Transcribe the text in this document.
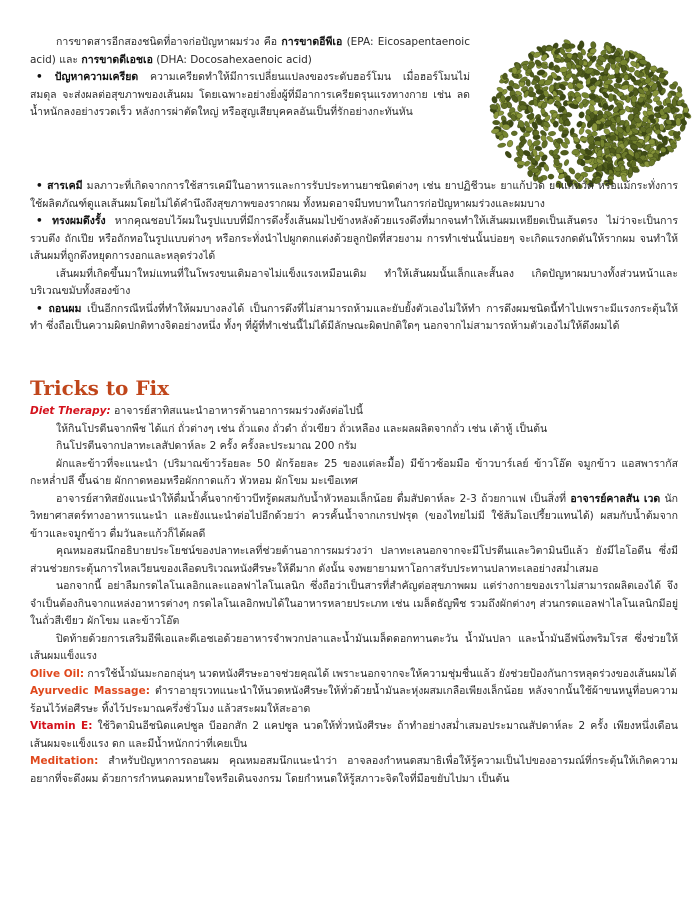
การขาดสารอีกสองชนิดที่อาจก่อปัญหาผมร่วง คือ การขาดอีพีเอ (EPA: Eicosapentaenoic acid) และ การขาดดีเอชเอ (DHA: Docosahexaenoic acid)

• ปัญหาความเครียด ความเครียดทำให้มีการเปลี่ยนแปลงของระดับฮอร์โมน เมื่อฮอร์โมนไม่สมดุล จะส่งผลต่อสุขภาพของเส้นผม โดยเฉพาะอย่างยิ่งผู้ที่มีอาการเครียดรุนแรงทางกาย เช่น ลดน้ำหนักลงอย่างรวดเร็ว หลังการผ่าตัดใหญ่ หรือสูญเสียบุคคลอันเป็นที่รักอย่างกะทันหัน

• สารเคมี มลภาวะที่เกิดจากการใช้สารเคมีในอาหารและการรับประทานยาชนิดต่างๆ เช่น ยาปฏิชีวนะ ยาแก้ปวด ยาแก้หวัด หรือแม้กระทั่งการใช้ผลิตภัณฑ์ดูแลเส้นผมโดยไม่ได้คำนึงถึงสุขภาพของรากผม ทั้งหมดอาจมีบทบาทในการก่อปัญหาผมร่วงและผมบาง

• ทรงผมดึงรั้ง หากคุณชอบไว้ผมในรูปแบบที่มีการดึงรั้งเส้นผมไปข้างหลังด้วยแรงดึงที่มากจนทำให้เส้นผมเหยียดเป็นเส้นตรง ไม่ว่าจะเป็นการรวบตึง ถักเปีย หรือถักทอในรูปแบบต่างๆ หรือกระทั่งนำไปผูกตกแต่งด้วยลูกปัดที่สวยงาม การทำเช่นนั้นบ่อยๆ จะเกิดแรงกดดันให้รากผม จนทำให้เส้นผมที่ถูกดึงหยุดการงอกและหลุดร่วงได้

เส้นผมที่เกิดขึ้นมาใหม่แทนที่ในโพรงขนเดิมอาจไม่แข็งแรงเหมือนเดิม ทำให้เส้นผมนั้นเล็กและสั้นลง เกิดปัญหาผมบางทั้งส่วนหน้าและบริเวณขมับทั้งสองข้าง

• ถอนผม เป็นอีกกรณีหนึ่งที่ทำให้ผมบางลงได้ เป็นการดึงที่ไม่สามารถห้ามและยับยั้งตัวเองไม่ให้ทำ การดึงผมชนิดนี้ทำไปเพราะมีแรงกระตุ้นให้ทำ ซึ่งถือเป็นความผิดปกติทางจิตอย่างหนึ่ง ทั้งๆ ที่ผู้ที่ทำเช่นนี้ไม่ได้มีลักษณะผิดปกติใดๆ นอกจากไม่สามารถห้ามตัวเองไม่ให้ดึงผมได้

Tricks to Fix

Diet Therapy: อาจารย์สาทิสแนะนำอาหารต้านอาการผมร่วงดังต่อไปนี้

ให้กินโปรตีนจากพืช ได้แก่ ถั่วต่างๆ เช่น ถั่วแดง ถั่วดำ ถั่วเขียว ถั่วเหลือง และผลผลิตจากถั่ว เช่น เต้าหู้ เป็นต้น

กินโปรตีนจากปลาทะเลสัปดาห์ละ 2 ครั้ง ครั้งละประมาณ 200 กรัม

ผักและข้าวที่จะแนะนำ (ปริมาณข้าวร้อยละ 50 ผักร้อยละ 25 ของแต่ละมื้อ) มีข้าวซ้อมมือ ข้าวบาร์เลย์ ข้าวโอ๊ต จมูกข้าว แอสพารากัส กะหล่ำปลี ขึ้นฉ่าย ผักกาดหอมหรือผักกาดแก้ว หัวหอม ผักโขม มะเขือเทศ

อาจารย์สาทิสยังแนะนำให้ดื่มน้ำคั้นจากข้าวบีทรู้ตผสมกับน้ำหัวหอมเล็กน้อย ดื่มสัปดาห์ละ 2-3 ถ้วยกาแฟ เป็นสิ่งที่ อาจารย์คาลสัน เวด นักวิทยาศาสตร์ทางอาหารแนะนำ และยังแนะนำต่อไปอีกด้วยว่า ควรคั้นน้ำจากเกรปฟรุต (ของไทยไม่มี ใช้ส้มโอเปรี้ยวแทนได้) ผสมกับน้ำต้มจากข้าวและจมูกข้าว ดื่มวันละแก้วก็ได้ผลดี

คุณหมอสมนึกอธิบายประโยชน์ของปลาทะเลที่ช่วยต้านอาการผมร่วงว่า ปลาทะเลนอกจากจะมีโปรตีนและวิตามินบีแล้ว ยังมีไอโอดีน ซึ่งมีส่วนช่วยกระตุ้นการไหลเวียนของเลือดบริเวณหนังศีรษะให้ดีมาก ดังนั้น จงพยายามหาโอกาสรับประทานปลาทะเลอย่างสม่ำเสมอ

นอกจากนี้ อย่าลืมกรดไลโนเลอิกและแอลฟาไลโนเลนิก ซึ่งถือว่าเป็นสารที่สำคัญต่อสุขภาพผม แต่ร่างกายของเราไม่สามารถผลิตเองได้ จึงจำเป็นต้องกินจากแหล่งอาหารต่างๆ กรดไลโนเลอิกพบได้ในอาหารหลายประเภท เช่น เมล็ดธัญพืช รวมถึงผักต่างๆ ส่วนกรดแอลฟาไลโนเลนิกมีอยู่ในถั่วสีเขียว ผักโขม และข้าวโอ๊ต

ปิดท้ายด้วยการเสริมอีพีเอและดีเอชเอด้วยอาหารจำพวกปลาและน้ำมันเมล็ดดอกทานตะวัน น้ำมันปลา และน้ำมันอีฟนิ่งพริมโรส ซึ่งช่วยให้เส้นผมแข็งแรง

Olive Oil: การใช้น้ำมันมะกอกอุ่นๆ นวดหนังศีรษะอาจช่วยคุณได้ เพราะนอกจากจะให้ความชุ่มชื่นแล้ว ยังช่วยป้องกันการหลุดร่วงของเส้นผมได้

Ayurvedic Massage: ตำราอายุรเวทแนะนำให้นวดหนังศีรษะให้ทั่วด้วยน้ำมันละหุ่งผสมเกลือเพียงเล็กน้อย หลังจากนั้นใช้ผ้าขนหนูที่อบความร้อนไว้ห่อศีรษะ ทิ้งไว้ประมาณครึ่งชั่วโมง แล้วสระผมให้สะอาด

Vitamin E: ใช้วิตามินอีชนิดแคปซูล บีออกสัก 2 แคปซูล นวดให้ทั่วหนังศีรษะ ถ้าทำอย่างสม่ำเสมอประมาณสัปดาห์ละ 2 ครั้ง เพียงหนึ่งเดือน เส้นผมจะแข็งแรง ดก และมีน้ำหนักกว่าที่เคยเป็น

Meditation: สำหรับปัญหาการถอนผม คุณหมอสมนึกแนะนำว่า อาจลองกำหนดสมาธิเพื่อให้รู้ความเป็นไปของอารมณ์ที่กระตุ้นให้เกิดความอยากที่จะดึงผม ด้วยการกำหนดลมหายใจหรือเดินจงกรม โดยกำหนดให้รู้สภาวะจิตใจที่มือขยับไปมา เป็นต้น
